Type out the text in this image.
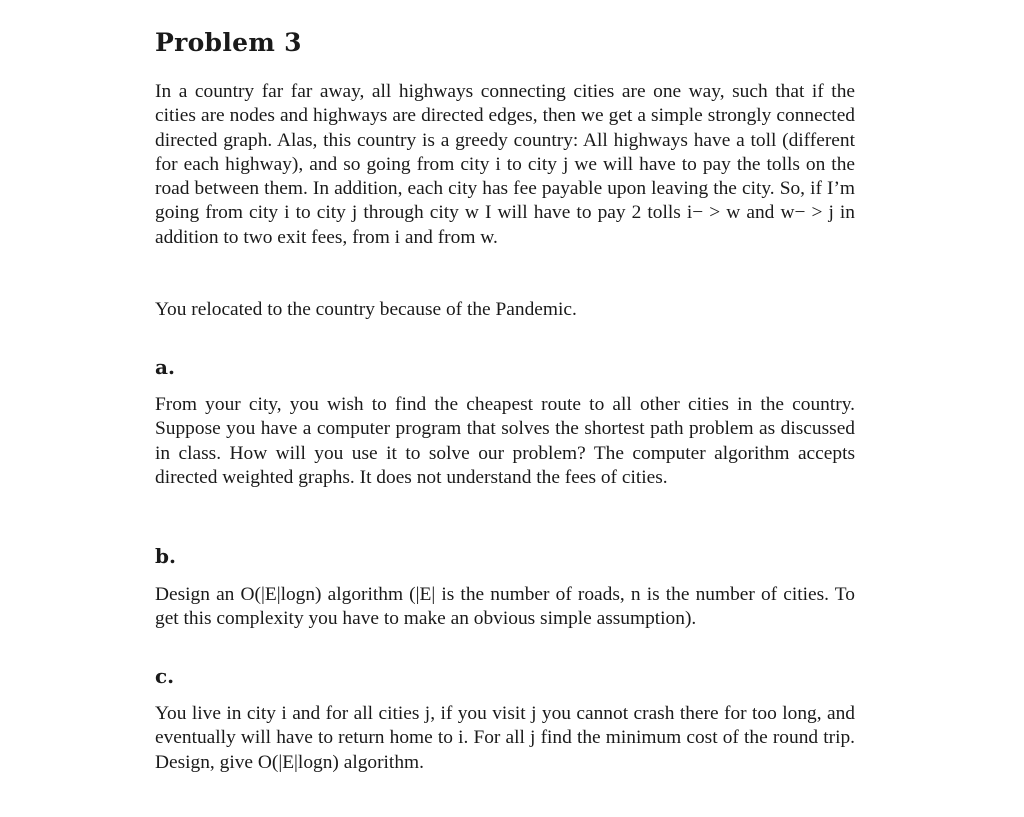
Problem 3

In a country far far away, all highways connecting cities are one way, such that if the cities are nodes and highways are directed edges, then we get a simple strongly connected directed graph. Alas, this country is a greedy country: All highways have a toll (different for each highway), and so going from city i to city j we will have to pay the tolls on the road between them. In addition, each city has fee payable upon leaving the city. So, if I’m going from city i to city j through city w I will have to pay 2 tolls i− > w and w− > j in addition to two exit fees, from i and from w.

You relocated to the country because of the Pandemic.

a.

From your city, you wish to find the cheapest route to all other cities in the country. Suppose you have a computer program that solves the shortest path problem as discussed in class. How will you use it to solve our problem? The computer algorithm accepts directed weighted graphs. It does not understand the fees of cities.

b.

Design an O(|E|logn) algorithm (|E| is the number of roads, n is the number of cities. To get this complexity you have to make an obvious simple assumption).

c.

You live in city i and for all cities j, if you visit j you cannot crash there for too long, and eventually will have to return home to i. For all j find the minimum cost of the round trip. Design, give O(|E|logn) algorithm.
